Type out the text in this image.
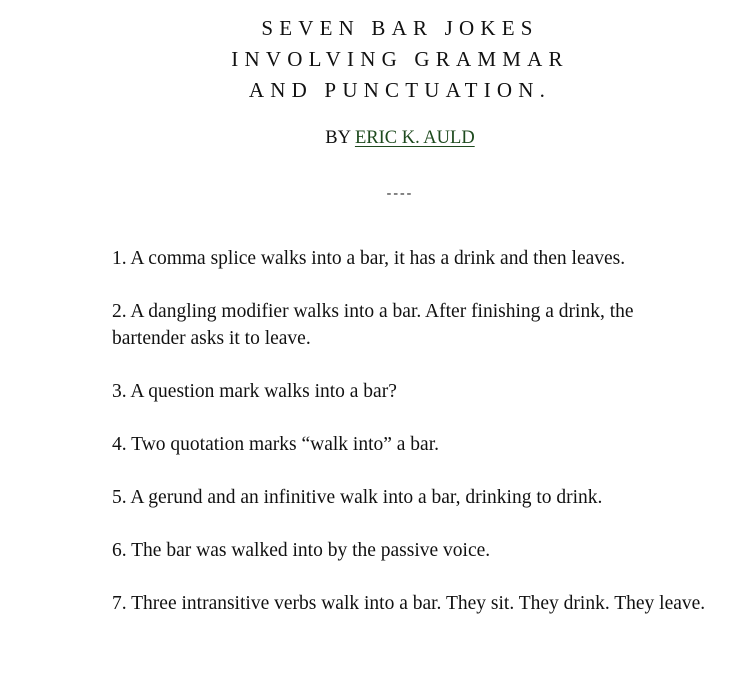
SEVEN BAR JOKES
INVOLVING GRAMMAR
AND PUNCTUATION.
BY ERIC K. AULD
----
1. A comma splice walks into a bar, it has a drink and then leaves.
2. A dangling modifier walks into a bar. After finishing a drink, the bartender asks it to leave.
3. A question mark walks into a bar?
4. Two quotation marks “walk into” a bar.
5. A gerund and an infinitive walk into a bar, drinking to drink.
6. The bar was walked into by the passive voice.
7. Three intransitive verbs walk into a bar. They sit. They drink. They leave.
